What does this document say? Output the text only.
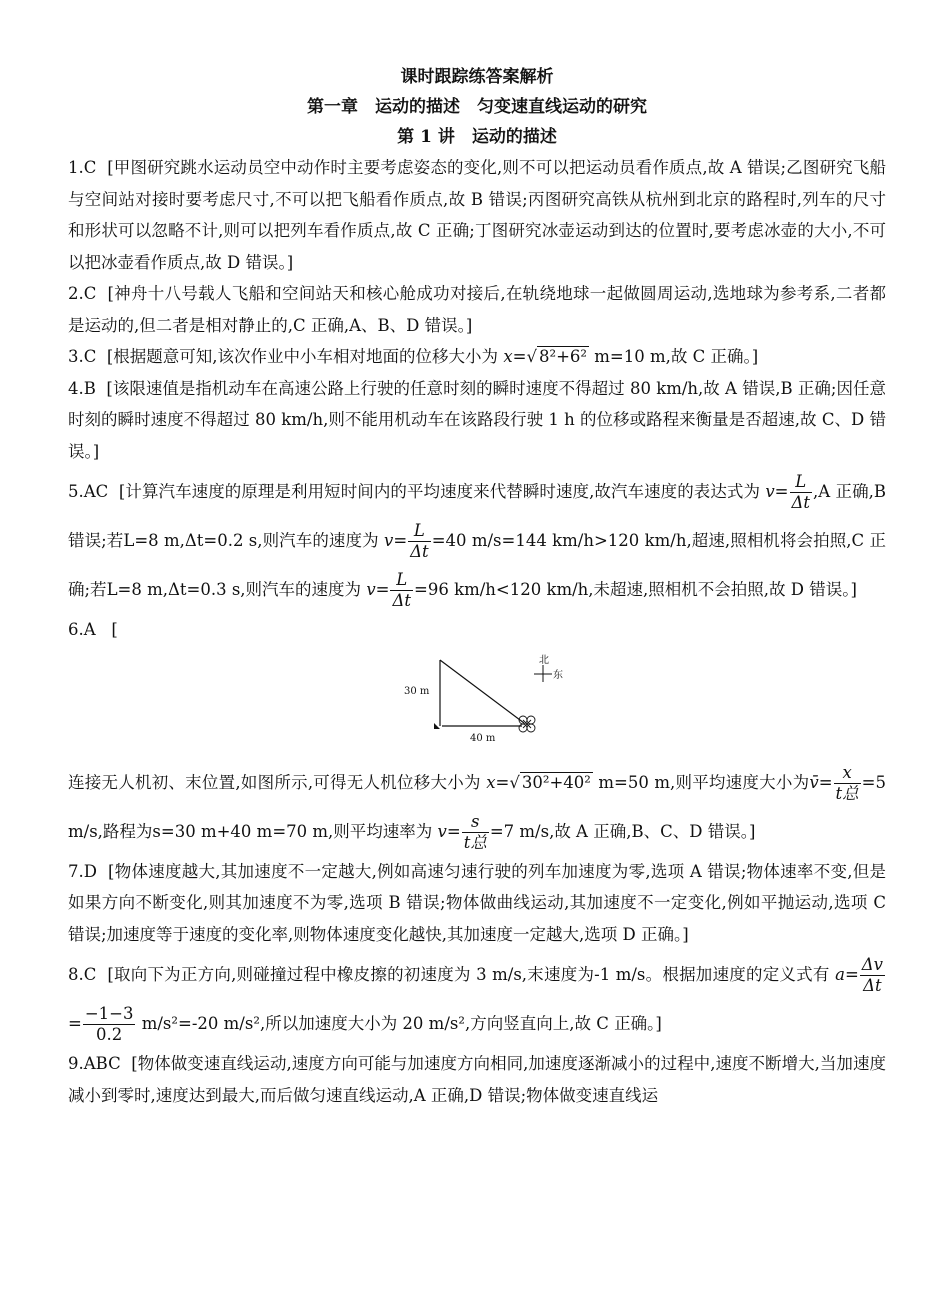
课时跟踪练答案解析
第一章　运动的描述　匀变速直线运动的研究
第 1 讲　运动的描述

1.C [甲图研究跳水运动员空中动作时主要考虑姿态的变化,则不可以把运动员看作质点,故 A 错误;乙图研究飞船与空间站对接时要考虑尺寸,不可以把飞船看作质点,故 B 错误;丙图研究高铁从杭州到北京的路程时,列车的尺寸和形状可以忽略不计,则可以把列车看作质点,故 C 正确;丁图研究冰壶运动到达的位置时,要考虑冰壶的大小,不可以把冰壶看作质点,故 D 错误。]

2.C [神舟十八号载人飞船和空间站天和核心舱成功对接后,在轨绕地球一起做圆周运动,选地球为参考系,二者都是运动的,但二者是相对静止的,C 正确,A、B、D 错误。]

3.C [根据题意可知,该次作业中小车相对地面的位移大小为 x=√ 8²+6² m=10 m,故 C 正确。]

4.B [该限速值是指机动车在高速公路上行驶的任意时刻的瞬时速度不得超过 80 km/h,故 A 错误,B 正确;因任意时刻的瞬时速度不得超过 80 km/h,则不能用机动车在该路段行驶 1 h 的位移或路程来衡量是否超速,故 C、D 错误。]

5.AC [计算汽车速度的原理是利用短时间内的平均速度来代替瞬时速度,故汽车速度的表达式为 $v= \frac{L}{\Delta t} ,A$ 正确,B 错误;若L=8 m,Δt=0.2 s,则汽车的速度为 $v= \frac{L}{\Delta t} =40$ m/s=144 km/h>120 km/h,超速,照相机将会拍照,C 正确;若L=8 m,Δt=0.3 s,则汽车的速度为 $v= \frac{L}{\Delta t} =96$ km/h<120 km/h,未超速,照相机不会拍照,故 D 错误。]

6.A [

30 m
40 m
北
东

连接无人机初、末位置,如图所示,可得无人机位移大小为 x=√ 30²+40² m=50 m,则平均速度大小为v̄= $\frac{x}{\text{t总}} =5$ m/s,路程为s=30 m+40 m=70 m,则平均速率为 $v= \frac{s}{\text{t总}} =7$ m/s,故 A 正确,B、C、D 错误。]

7.D [物体速度越大,其加速度不一定越大,例如高速匀速行驶的列车加速度为零,选项 A 错误;物体速率不变,但是如果方向不断变化,则其加速度不为零,选项 B 错误;物体做曲线运动,其加速度不一定变化,例如平抛运动,选项 C 错误;加速度等于速度的变化率,则物体速度变化越快,其加速度一定越大,选项 D 正确。]

8.C [取向下为正方向,则碰撞过程中橡皮擦的初速度为 3 m/s,末速度为-1 m/s。根据加速度的定义式有 $a= \frac{\Delta v}{\Delta t}$
= $\frac{-1-3}{0.2} m/s^2=-20$ m/s²,所以加速度大小为 20 m/s²,方向竖直向上,故 C 正确。]

9.ABC [物体做变速直线运动,速度方向可能与加速度方向相同,加速度逐渐减小的过程中,速度不断增大,当加速度减小到零时,速度达到最大,而后做匀速直线运动,A 正确,D 错误;物体做变速直线运
